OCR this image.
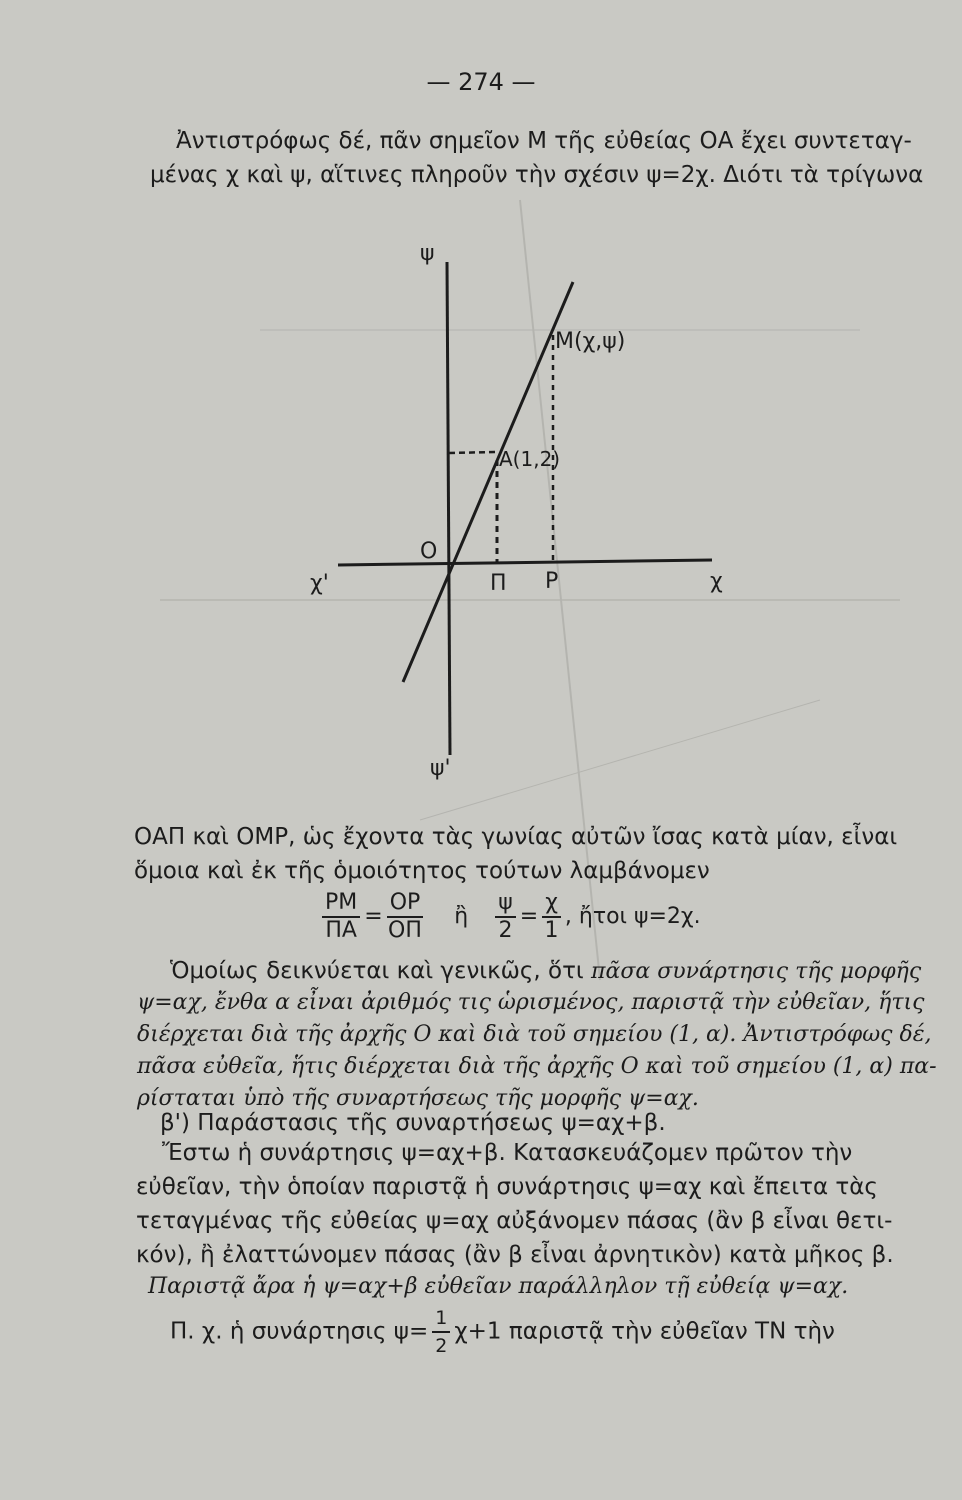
— 274 —
Ἀντιστρόφως δέ, πᾶν σημεῖον Μ τῆς εὐθείας ΟΑ ἔχει συντεταγ-
μένας χ καὶ ψ, αἵτινες πληροῦν τὴν σχέσιν ψ=2χ. Διότι τὰ τρίγωνα
ψ
ψ'
χ'	χ
Ο
A(1,2)
M(χ,ψ)
Π Ρ
ΟΑΠ καὶ ΟΜΡ, ὡς ἔχοντα τὰς γωνίας αὐτῶν ἴσας κατὰ μίαν, εἶναι
ὅμοια καὶ ἐκ τῆς ὁμοιότητος τούτων λαμβάνομεν
$\frac{PM}{\Pi A} = \frac{OP}{O\Pi}$ ἢ $\frac{\psi}{2} = \frac{\chi}{1}$ , ἤτοι ψ=2χ.
Ὁμοίως δεικνύεται καὶ γενικῶς, ὅτι πᾶσα συνάρτησις τῆς μορφῆς
ψ=αχ, ἔνθα α εἶναι ἀριθμός τις ὡρισμένος, παριστᾷ τὴν εὐθεῖαν, ἥτις
διέρχεται διὰ τῆς ἀρχῆς Ο καὶ διὰ τοῦ σημείου (1, α). Ἀντιστρόφως δέ,
πᾶσα εὐθεῖα, ἥτις διέρχεται διὰ τῆς ἀρχῆς Ο καὶ τοῦ σημείου (1, α) πα-
ρίσταται ὑπὸ τῆς συναρτήσεως τῆς μορφῆς ψ=αχ.
β') Παράστασις τῆς συναρτήσεως ψ=αχ+β.
Ἔστω ἡ συνάρτησις ψ=αχ+β. Κατασκευάζομεν πρῶτον τὴν
εὐθεῖαν, τὴν ὁποίαν παριστᾷ ἡ συνάρτησις ψ=αχ καὶ ἔπειτα τὰς
τεταγμένας τῆς εὐθείας ψ=αχ αὐξάνομεν πάσας (ἂν β εἶναι θετι-
κόν), ἢ ἐλαττώνομεν πάσας (ἂν β εἶναι ἀρνητικὸν) κατὰ μῆκος β.
Παριστᾷ ἄρα ἡ ψ=αχ+β εὐθεῖαν παράλληλον τῇ εὐθείᾳ ψ=αχ.
Π. χ. ἡ συνάρτησις $\psi= \frac{1}{2} \chi+1$ παριστᾷ τὴν εὐθεῖαν ΤΝ τὴν
